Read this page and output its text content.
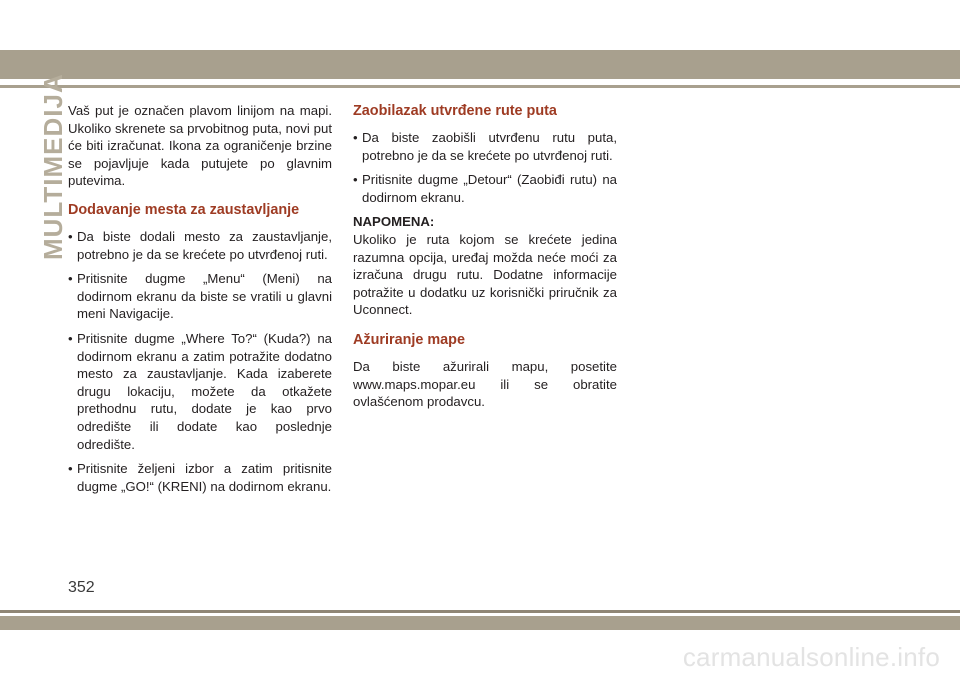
MULTIMEDIJA Vaš put je označen plavom linijom na mapi. Ukoliko skrenete sa prvobitnog puta, novi put će biti izračunat. Ikona za ograničenje brzine se pojavljuje kada putujete po glavnim putevima.

Dodavanje mesta za zaustavljanje
• Da biste dodali mesto za zaustavljanje, potrebno je da se krećete po utvrđenoj ruti.
• Pritisnite dugme „Menu“ (Meni) na dodirnom ekranu da biste se vratili u glavni meni Navigacije.
• Pritisnite dugme „Where To?“ (Kuda?) na dodirnom ekranu a zatim potražite dodatno mesto za zaustavljanje. Kada izaberete drugu lokaciju, možete da otkažete prethodnu rutu, dodate je kao prvo odredište ili dodate kao poslednje odredište.
• Pritisnite željeni izbor a zatim pritisnite dugme „GO!“ (KRENI) na dodirnom ekranu.
Zaobilazak utvrđene rute puta
• Da biste zaobišli utvrđenu rutu puta, potrebno je da se krećete po utvrđenoj ruti.
• Pritisnite dugme „Detour“ (Zaobiđi rutu) na dodirnom ekranu.

NAPOMENA:

Ukoliko je ruta kojom se krećete jedina razumna opcija, uređaj možda neće moći za izračuna drugu rutu. Dodatne informacije potražite u dodatku uz korisnički priručnik za Uconnect.

Ažuriranje mape

Da biste ažurirali mapu, posetite www.maps.mopar.eu ili se obratite ovlašćenom prodavcu.

352
carmanualsonline.info
